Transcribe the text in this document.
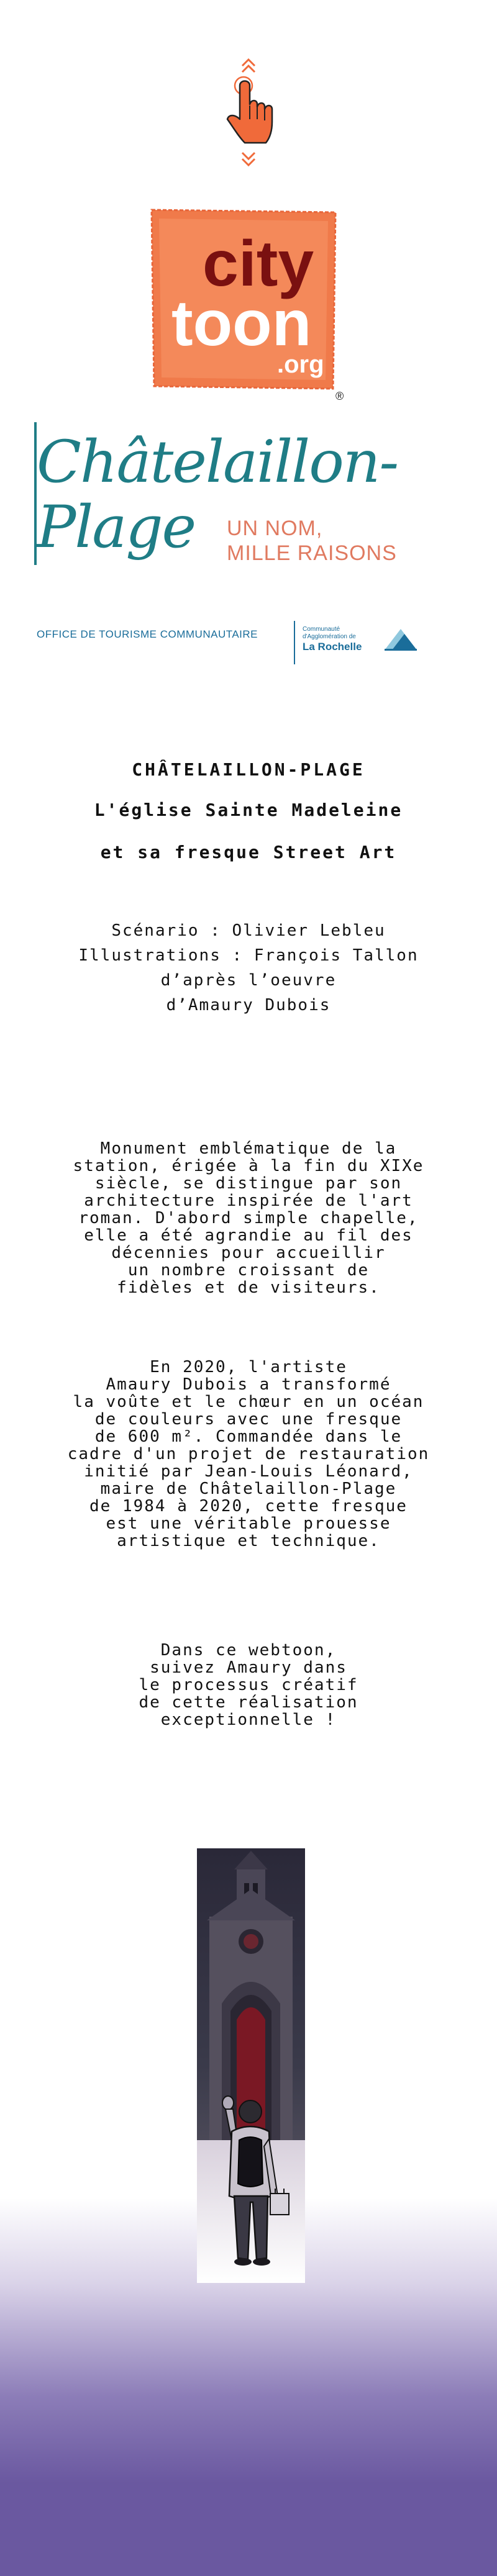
city
toon
.org
®
Châtelaillon-
Plage UN NOM,
MILLE RAISONS
OFFICE DE TOURISME COMMUNAUTAIRE	Communauté
d'Agglomération de
La Rochelle
CHÂTELAILLON-PLAGE
L'église Sainte Madeleine
et sa fresque Street Art
Scénario : Olivier Lebleu
Illustrations : François Tallon
d’après l’oeuvre
d’Amaury Dubois
Monument emblématique de la
station, érigée à la fin du XIXe
siècle, se distingue par son
architecture inspirée de l'art
roman. D'abord simple chapelle,
elle a été agrandie au fil des
décennies pour accueillir
un nombre croissant de
fidèles et de visiteurs.
En 2020, l'artiste
Amaury Dubois a transformé
la voûte et le chœur en un océan
de couleurs avec une fresque
de 600 m². Commandée dans le
cadre d'un projet de restauration
initié par Jean-Louis Léonard,
maire de Châtelaillon-Plage
de 1984 à 2020, cette fresque
est une véritable prouesse
artistique et technique.
Dans ce webtoon,
suivez Amaury dans
le processus créatif
de cette réalisation
exceptionnelle !
